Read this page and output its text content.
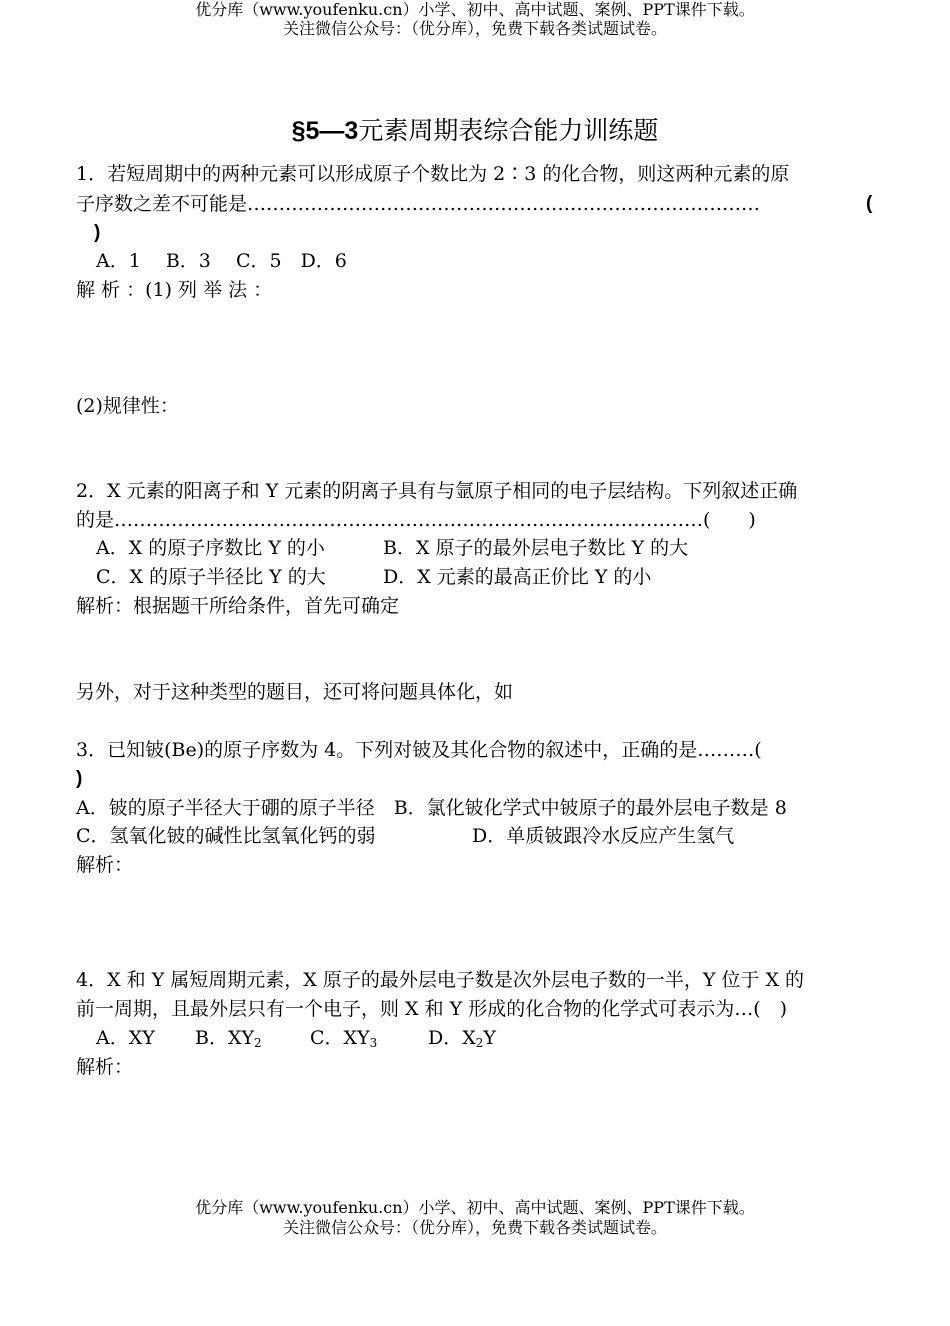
优分库（www.youfenku.cn）小学、初中、高中试题、案例、PPT课件下载。
关注微信公众号：（优分库），免费下载各类试题试卷。
§5—3元素周期表综合能力训练题
1．若短周期中的两种元素可以形成原子个数比为 2∶3 的化合物，则这两种元素的原
子序数之差不可能是………………………………………………………………………	(
)
A．1　 B．3　 C．5　D．6
解 析 ：(1) 列 举 法 ：
(2)规律性：
2．X 元素的阳离子和 Y 元素的阴离子具有与氩原子相同的电子层结构。下列叙述正确
的是…………………………………………………………………………………(　　)
A．X 的原子序数比 Y 的小	B．X 原子的最外层电子数比 Y 的大
C．X 的原子半径比 Y 的大	D．X 元素的最高正价比 Y 的小
解析：根据题干所给条件，首先可确定
另外，对于这种类型的题目，还可将问题具体化，如
3．已知铍(Be)的原子序数为 4。下列对铍及其化合物的叙述中，正确的是………(
)
A．铍的原子半径大于硼的原子半径　B．氯化铍化学式中铍原子的最外层电子数是 8
C．氢氧化铍的碱性比氢氧化钙的弱	D．单质铍跟冷水反应产生氢气
解析：
4．X 和 Y 属短周期元素，X 原子的最外层电子数是次外层电子数的一半，Y 位于 X 的
前一周期，且最外层只有一个电子，则 X 和 Y 形成的化合物的化学式可表示为…(　)
A．XY B．$XY_2$	C．$XY_3$	D．$X_2Y$
解析：
优分库（www.youfenku.cn）小学、初中、高中试题、案例、PPT课件下载。
关注微信公众号：（优分库），免费下载各类试题试卷。
